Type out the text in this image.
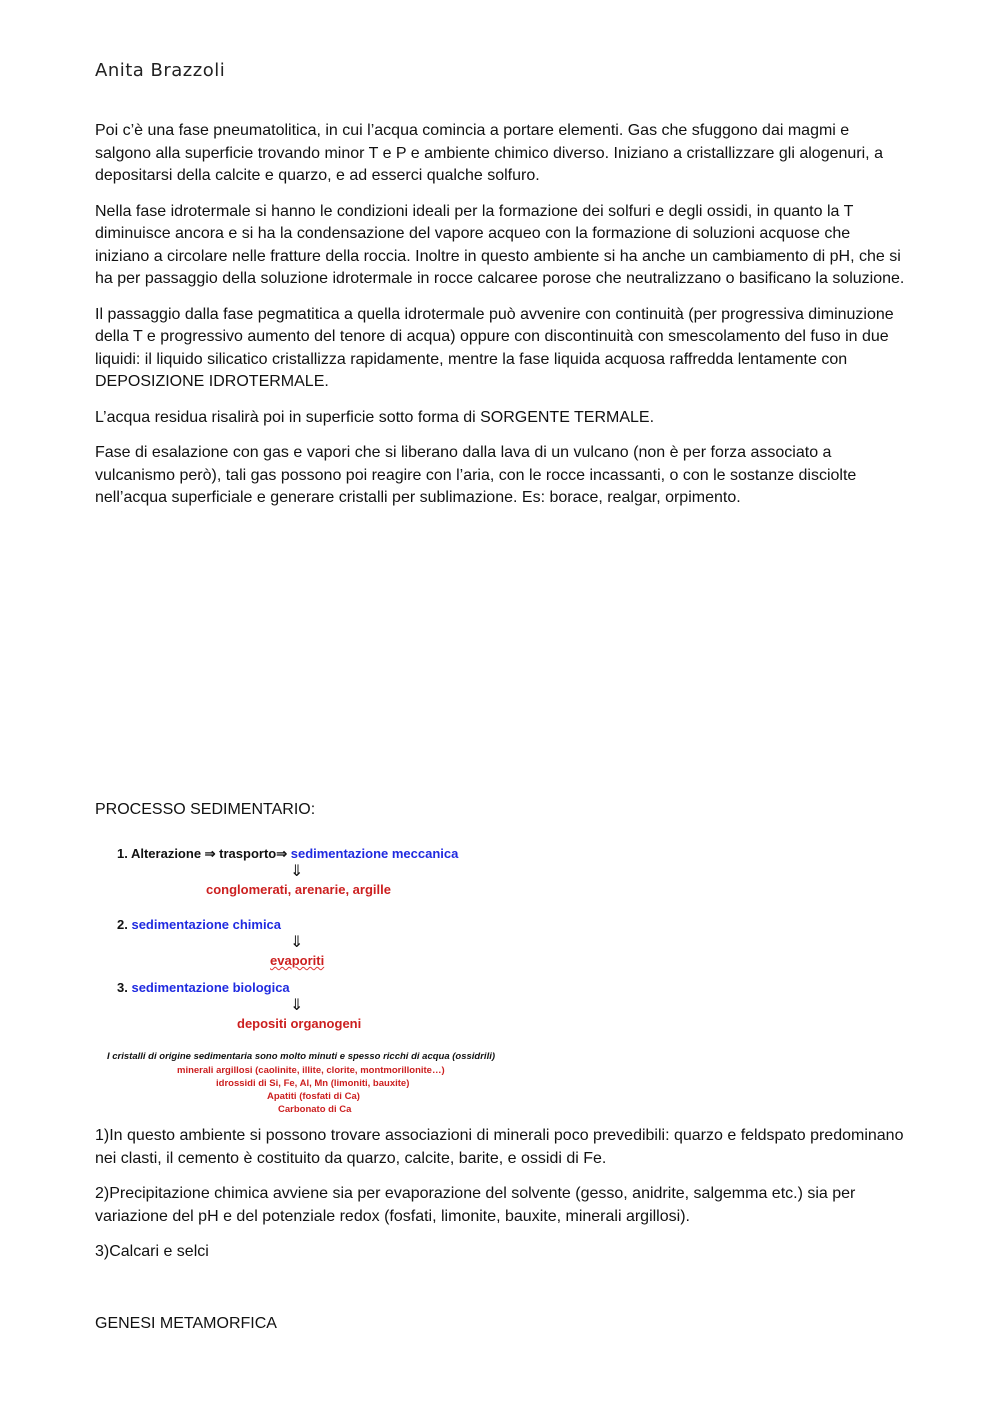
Anita Brazzoli

Poi c’è una fase pneumatolitica, in cui l’acqua comincia a portare elementi. Gas che sfuggono dai magmi e salgono alla superficie trovando minor T e P e ambiente chimico diverso. Iniziano a cristallizzare gli alogenuri, a depositarsi della calcite e quarzo, e ad esserci qualche solfuro.

Nella fase idrotermale si hanno le condizioni ideali per la formazione dei solfuri e degli ossidi, in quanto la T diminuisce ancora e si ha la condensazione del vapore acqueo con la formazione di soluzioni acquose che iniziano a circolare nelle fratture della roccia. Inoltre in questo ambiente si ha anche un cambiamento di pH, che si ha per passaggio della soluzione idrotermale in rocce calcaree porose che neutralizzano o basificano la soluzione.

Il passaggio dalla fase pegmatitica a quella idrotermale può avvenire con continuità (per progressiva diminuzione della T e progressivo aumento del tenore di acqua) oppure con discontinuità con smescolamento del fuso in due liquidi: il liquido silicatico cristallizza rapidamente, mentre la fase liquida acquosa raffredda lentamente con DEPOSIZIONE IDROTERMALE.

L’acqua residua risalirà poi in superficie sotto forma di SORGENTE TERMALE.

Fase di esalazione con gas e vapori che si liberano dalla lava di un vulcano (non è per forza associato a vulcanismo però), tali gas possono poi reagire con l’aria, con le rocce incassanti, o con le sostanze disciolte nell’acqua superficiale e generare cristalli per sublimazione. Es: borace, realgar, orpimento.

PROCESSO SEDIMENTARIO:
1. Alterazione ⇒ trasporto⇒ sedimentazione meccanica
⇓
conglomerati, arenarie, argille
2. sedimentazione chimica
⇓
evaporiti
3. sedimentazione biologica
⇓
depositi organogeni
I cristalli di origine sedimentaria sono molto minuti e spesso ricchi di acqua (ossidrili)
minerali argillosi (caolinite, illite, clorite, montmorillonite…)
idrossidi di Si, Fe, Al, Mn (limoniti, bauxite)
Apatiti (fosfati di Ca)
Carbonato di Ca

1)In questo ambiente si possono trovare associazioni di minerali poco prevedibili: quarzo e feldspato predominano nei clasti, il cemento è costituito da quarzo, calcite, barite, e ossidi di Fe.

2)Precipitazione chimica avviene sia per evaporazione del solvente (gesso, anidrite, salgemma etc.) sia per variazione del pH e del potenziale redox (fosfati, limonite, bauxite, minerali argillosi).

3)Calcari e selci

GENESI METAMORFICA
